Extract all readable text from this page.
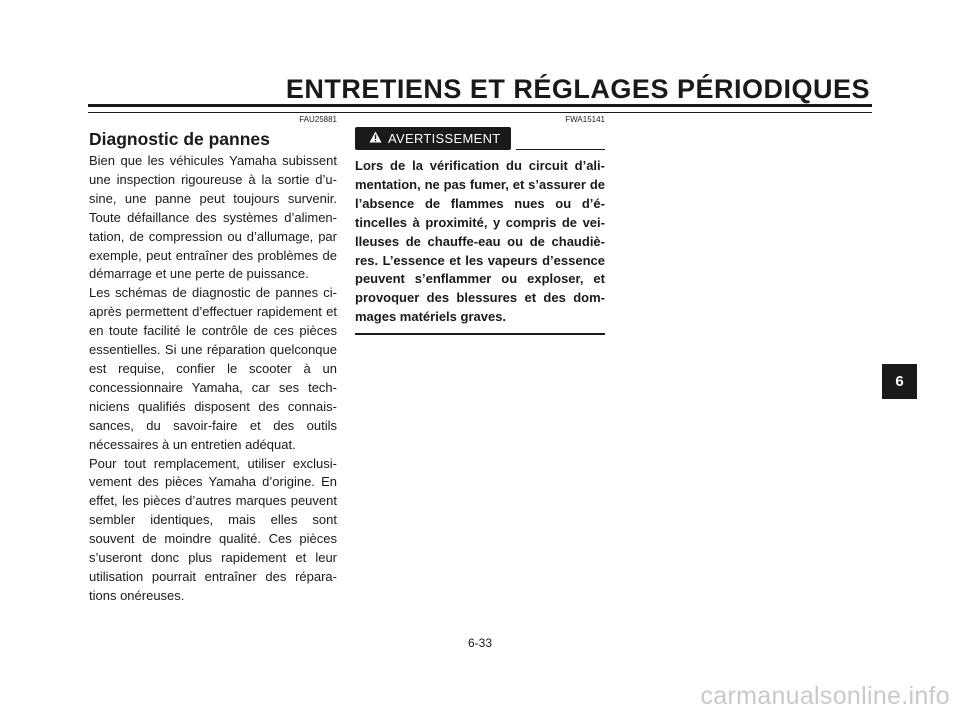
ENTRETIENS ET RÉGLAGES PÉRIODIQUES
FAU25881
Diagnostic de pannes

Bien que les véhicules Yamaha subissent une inspection rigoureuse à la sortie d’usine, une panne peut toujours survenir. Toute défaillance des systèmes d’alimentation, de compression ou d’allumage, par exemple, peut entraîner des problèmes de démarrage et une perte de puissance.

Les schémas de diagnostic de pannes ci-après permettent d’effectuer rapidement et en toute facilité le contrôle de ces pièces essentielles. Si une réparation quelconque est requise, confier le scooter à un concessionnaire Yamaha, car ses techniciens qualifiés disposent des connaissances, du savoir-faire et des outils nécessaires à un entretien adéquat.

Pour tout remplacement, utiliser exclusivement des pièces Yamaha d’origine. En effet, les pièces d’autres marques peuvent sembler identiques, mais elles sont souvent de moindre qualité. Ces pièces s’useront donc plus rapidement et leur utilisation pourrait entraîner des réparations onéreuses.

FWA15141
AVERTISSEMENT

Lors de la vérification du circuit d’alimentation, ne pas fumer, et s’assurer de l’absence de flammes nues ou d’étincelles à proximité, y compris de veilleuses de chauffe-eau ou de chaudières. L’essence et les vapeurs d’essence peuvent s’enflammer ou exploser, et provoquer des blessures et des dommages matériels graves.

6
6-33
carmanualsonline.info
